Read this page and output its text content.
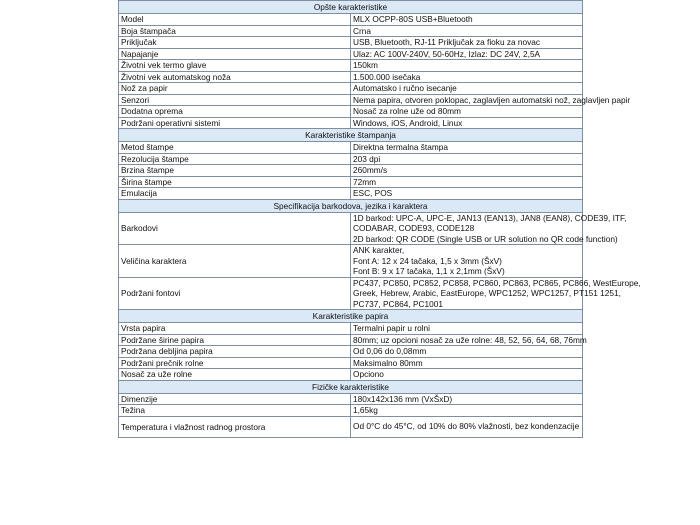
Opšte karakteristike	
Model	MLX OCPP-80S USB+Bluetooth

Boja štampača	Crna

Priključak	USB, Bluetooth, RJ-11 Priključak za fioku za novac

Napajanje	Ulaz: AC 100V-240V, 50-60Hz, Izlaz: DC 24V, 2,5A

Životni vek termo glave	150km

Životni vek automatskog noža	1.500.000 isečaka

Nož za papir	Automatsko i ručno isecanje

Senzori	Nema papira, otvoren poklopac, zaglavljen automatski nož, zaglavljen papir

Dodatna oprema	Nosač za rolne uže od 80mm

Podržani operativni sistemi	Windows, iOS, Android, Linux

Karakteristike štampanja	
Metod štampe	Direktna termalna štampa

Rezolucija štampe	203 dpi

Brzina štampe	260mm/s

Širina štampe	72mm

Emulacija	ESC, POS

Specifikacija barkodova, jezika i karaktera	
Barkodovi	1D barkod: UPC-A, UPC-E, JAN13 (EAN13), JAN8 (EAN8), CODE39, ITF,
CODABAR, CODE93, CODE128
2D barkod: QR CODE (Single USB or UR solution no QR code function)

Veličina karaktera	ANK karakter,
Font A: 12 x 24 tačaka, 1,5 x 3mm (ŠxV)
Font B: 9 x 17 tačaka, 1,1 x 2,1mm (ŠxV)

Podržani fontovi	PC437, PC850, PC852, PC858, PC860, PC863, PC865, PC866, WestEurope,
Greek, Hebrew, Arabic, EastEurope, WPC1252, WPC1257, PT151 1251,
PC737, PC864, PC1001

Karakteristike papira	
Vrsta papira	Termalni papir u rolni

Podržane širine papira	80mm; uz opcioni nosač za uže rolne: 48, 52, 56, 64, 68, 76mm

Podržana debljina papira	Od 0,06 do 0,08mm

Podržani prečnik rolne	Maksimalno 80mm

Nosač za uže rolne	Opciono

Fizičke karakteristike	
Dimenzije	180x142x136 mm (VxŠxD)

Težina	1,65kg

Temperatura i vlažnost radnog prostora	Od 0°C do 45°C, od 10% do 80% vlažnosti, bez kondenzacije
